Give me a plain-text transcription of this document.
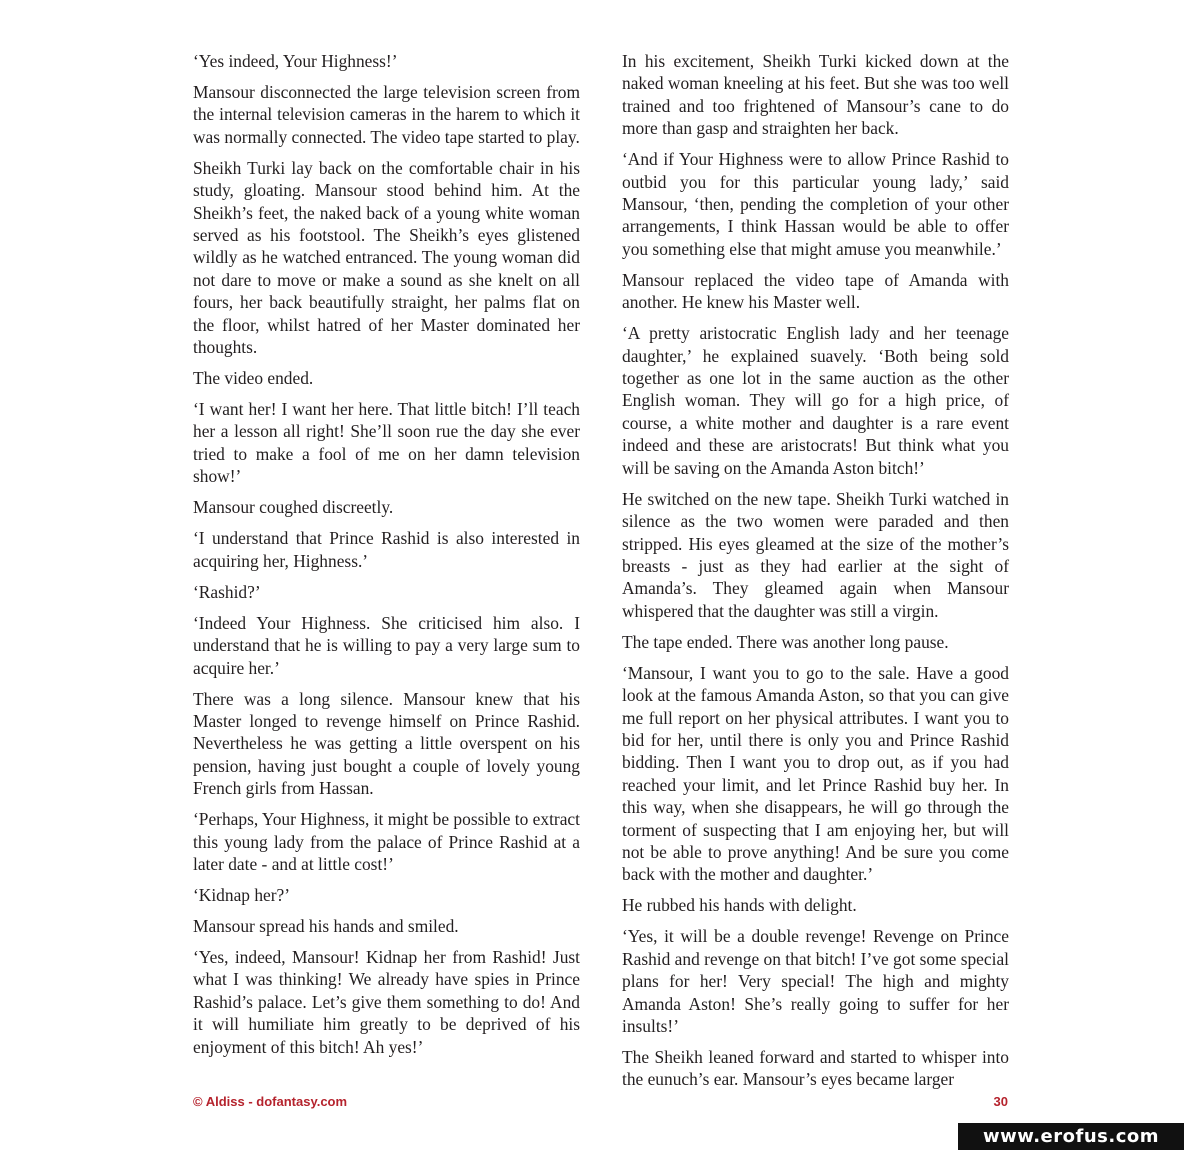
‘Yes indeed, Your Highness!’

Mansour disconnected the large television screen from the internal television cameras in the harem to which it was normally connected. The video tape started to play.

Sheikh Turki lay back on the comfortable chair in his study, gloating. Mansour stood behind him. At the Sheikh’s feet, the naked back of a young white woman served as his footstool. The Sheikh’s eyes glistened wildly as he watched entranced. The young woman did not dare to move or make a sound as she knelt on all fours, her back beautifully straight, her palms flat on the floor, whilst hatred of her Master dominated her thoughts.

The video ended.

‘I want her! I want her here. That little bitch! I’ll teach her a lesson all right! She’ll soon rue the day she ever tried to make a fool of me on her damn television show!’

Mansour coughed discreetly.

‘I understand that Prince Rashid is also interested in acquiring her, Highness.’

‘Rashid?’

‘Indeed Your Highness. She criticised him also. I understand that he is willing to pay a very large sum to acquire her.’

There was a long silence. Mansour knew that his Master longed to revenge himself on Prince Rashid. Nevertheless he was getting a little overspent on his pension, having just bought a couple of lovely young French girls from Hassan.

‘Perhaps, Your Highness, it might be possible to extract this young lady from the palace of Prince Rashid at a later date - and at little cost!’

‘Kidnap her?’

Mansour spread his hands and smiled.

‘Yes, indeed, Mansour! Kidnap her from Rashid! Just what I was thinking! We already have spies in Prince Rashid’s palace. Let’s give them something to do! And it will humiliate him greatly to be deprived of his enjoyment of this bitch! Ah yes!’

In his excitement, Sheikh Turki kicked down at the naked woman kneeling at his feet. But she was too well trained and too frightened of Mansour’s cane to do more than gasp and straighten her back.

‘And if Your Highness were to allow Prince Rashid to outbid you for this particular young lady,’ said Mansour, ‘then, pending the completion of your other arrangements, I think Hassan would be able to offer you something else that might amuse you meanwhile.’

Mansour replaced the video tape of Amanda with another. He knew his Master well.

‘A pretty aristocratic English lady and her teenage daughter,’ he explained suavely. ‘Both being sold together as one lot in the same auction as the other English woman. They will go for a high price, of course, a white mother and daughter is a rare event indeed and these are aristocrats! But think what you will be saving on the Amanda Aston bitch!’

He switched on the new tape. Sheikh Turki watched in silence as the two women were paraded and then stripped. His eyes gleamed at the size of the mother’s breasts - just as they had earlier at the sight of Amanda’s. They gleamed again when Mansour whispered that the daughter was still a virgin.

The tape ended. There was another long pause.

‘Mansour, I want you to go to the sale. Have a good look at the famous Amanda Aston, so that you can give me full report on her physical attributes. I want you to bid for her, until there is only you and Prince Rashid bidding. Then I want you to drop out, as if you had reached your limit, and let Prince Rashid buy her. In this way, when she disappears, he will go through the torment of suspecting that I am enjoying her, but will not be able to prove anything! And be sure you come back with the mother and daughter.’

He rubbed his hands with delight.

‘Yes, it will be a double revenge! Revenge on Prince Rashid and revenge on that bitch! I’ve got some special plans for her! Very special! The high and mighty Amanda Aston! She’s really going to suffer for her insults!’

The Sheikh leaned forward and started to whisper into the eunuch’s ear. Mansour’s eyes became larger

© Aldiss - dofantasy.com	30
www.erofus.com
